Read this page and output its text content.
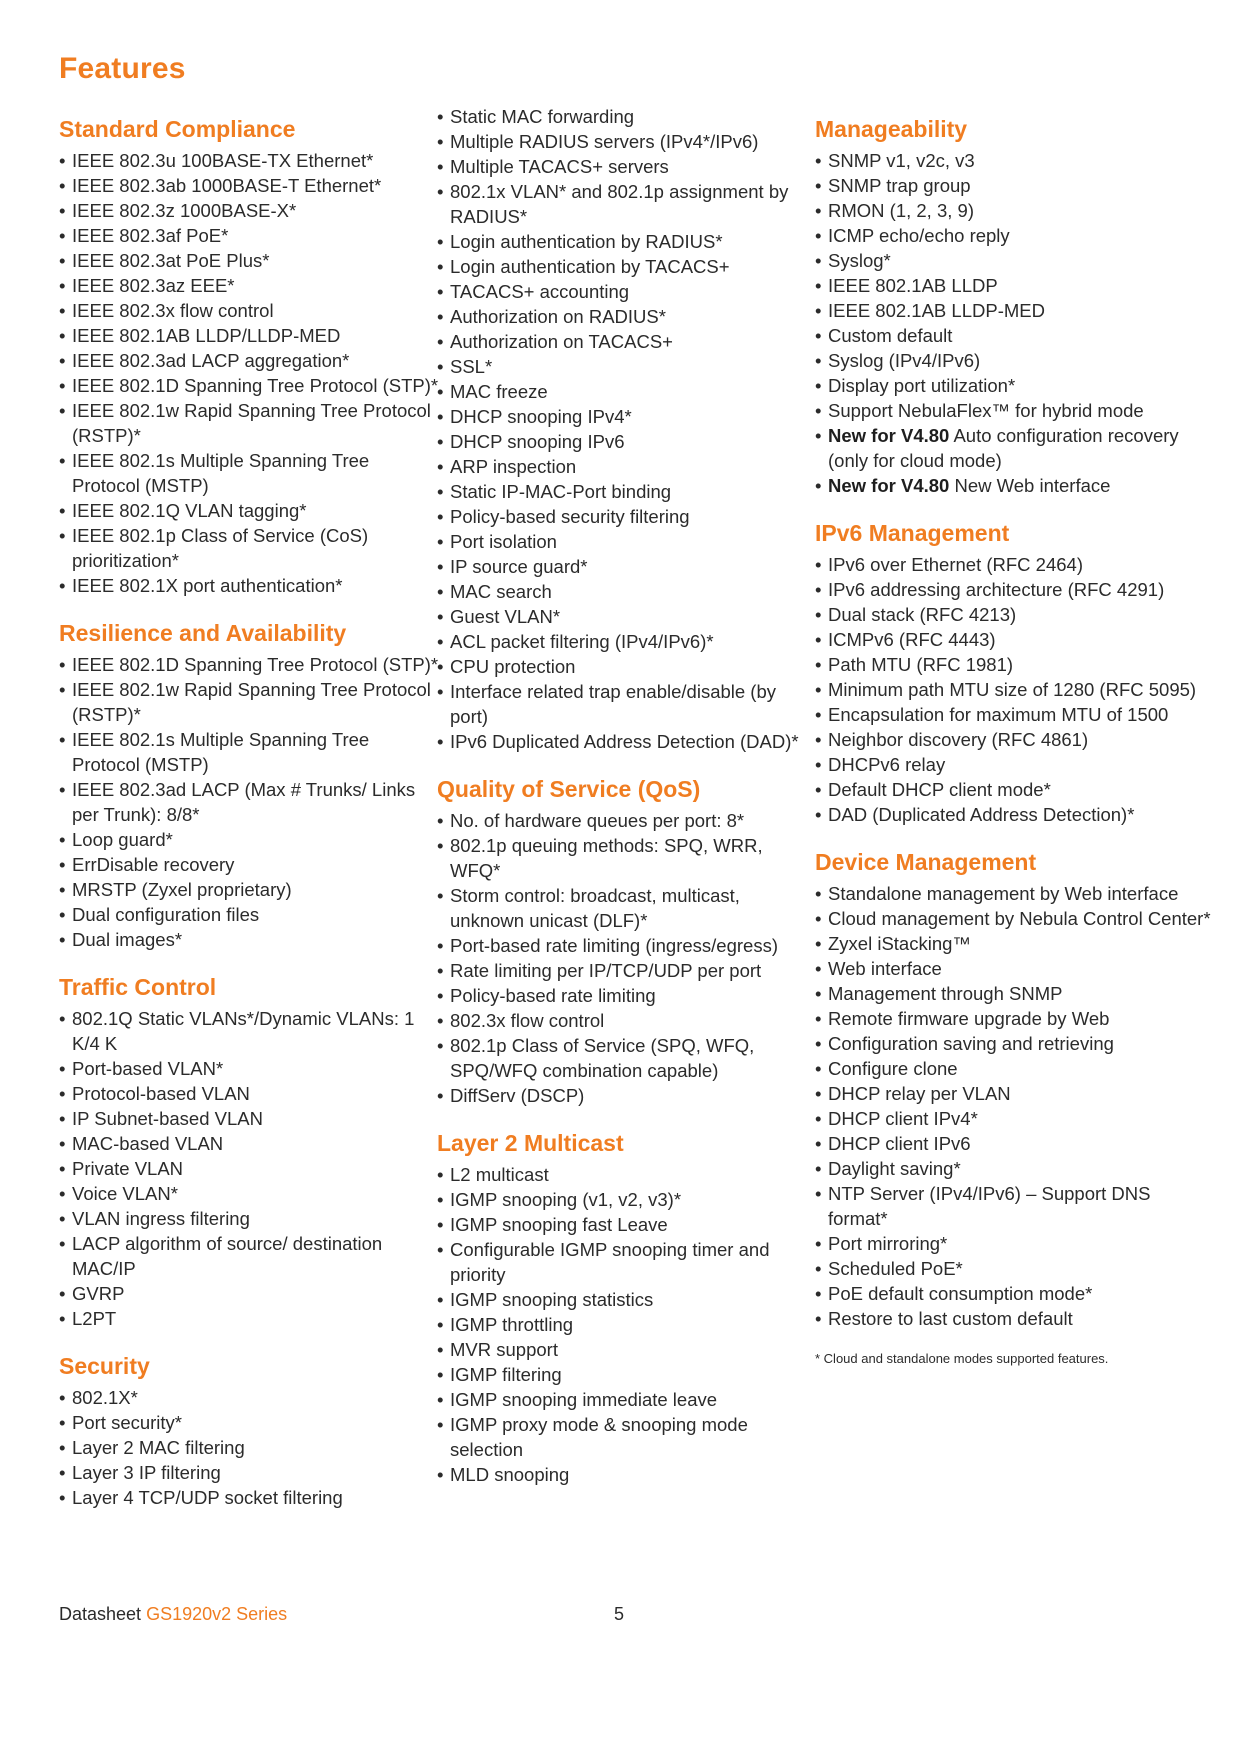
Features
Standard Compliance
• IEEE 802.3u 100BASE-TX Ethernet*
• IEEE 802.3ab 1000BASE-T Ethernet*
• IEEE 802.3z 1000BASE-X*
• IEEE 802.3af PoE*
• IEEE 802.3at PoE Plus*
• IEEE 802.3az EEE*
• IEEE 802.3x flow control
• IEEE 802.1AB LLDP/LLDP-MED
• IEEE 802.3ad LACP aggregation*
• IEEE 802.1D Spanning Tree Protocol (STP)*
• IEEE 802.1w Rapid Spanning Tree Protocol (RSTP)*
• IEEE 802.1s Multiple Spanning Tree Protocol (MSTP)
• IEEE 802.1Q VLAN tagging*
• IEEE 802.1p Class of Service (CoS) prioritization*
• IEEE 802.1X port authentication*
Resilience and Availability
• IEEE 802.1D Spanning Tree Protocol (STP)*
• IEEE 802.1w Rapid Spanning Tree Protocol (RSTP)*
• IEEE 802.1s Multiple Spanning Tree Protocol (MSTP)
• IEEE 802.3ad LACP (Max # Trunks/ Links per Trunk): 8/8*
• Loop guard*
• ErrDisable recovery
• MRSTP (Zyxel proprietary)
• Dual configuration files
• Dual images*
Traffic Control
• 802.1Q Static VLANs*/Dynamic VLANs: 1 K/4 K
• Port-based VLAN*
• Protocol-based VLAN
• IP Subnet-based VLAN
• MAC-based VLAN
• Private VLAN
• Voice VLAN*
• VLAN ingress filtering
• LACP algorithm of source/ destination MAC/IP
• GVRP
• L2PT
Security
• 802.1X*
• Port security*
• Layer 2 MAC filtering
• Layer 3 IP filtering
• Layer 4 TCP/UDP socket filtering
• Static MAC forwarding
• Multiple RADIUS servers (IPv4*/IPv6)
• Multiple TACACS+ servers
• 802.1x VLAN* and 802.1p assignment by RADIUS*
• Login authentication by RADIUS*
• Login authentication by TACACS+
• TACACS+ accounting
• Authorization on RADIUS*
• Authorization on TACACS+
• SSL*
• MAC freeze
• DHCP snooping IPv4*
• DHCP snooping IPv6
• ARP inspection
• Static IP-MAC-Port binding
• Policy-based security filtering
• Port isolation
• IP source guard*
• MAC search
• Guest VLAN*
• ACL packet filtering (IPv4/IPv6)*
• CPU protection
• Interface related trap enable/disable (by port)
• IPv6 Duplicated Address Detection (DAD)*
Quality of Service (QoS)
• No. of hardware queues per port: 8*
• 802.1p queuing methods: SPQ, WRR, WFQ*
• Storm control: broadcast, multicast, unknown unicast (DLF)*
• Port-based rate limiting (ingress/egress)
• Rate limiting per IP/TCP/UDP per port
• Policy-based rate limiting
• 802.3x flow control
• 802.1p Class of Service (SPQ, WFQ, SPQ/WFQ combination capable)
• DiffServ (DSCP)
Layer 2 Multicast
• L2 multicast
• IGMP snooping (v1, v2, v3)*
• IGMP snooping fast Leave
• Configurable IGMP snooping timer and priority
• IGMP snooping statistics
• IGMP throttling
• MVR support
• IGMP filtering
• IGMP snooping immediate leave
• IGMP proxy mode & snooping mode selection
• MLD snooping
Manageability
• SNMP v1, v2c, v3
• SNMP trap group
• RMON (1, 2, 3, 9)
• ICMP echo/echo reply
• Syslog*
• IEEE 802.1AB LLDP
• IEEE 802.1AB LLDP-MED
• Custom default
• Syslog (IPv4/IPv6)
• Display port utilization*
• Support NebulaFlex™ for hybrid mode
• New for V4.80 Auto configuration recovery (only for cloud mode)
• New for V4.80 New Web interface
IPv6 Management
• IPv6 over Ethernet (RFC 2464)
• IPv6 addressing architecture (RFC 4291)
• Dual stack (RFC 4213)
• ICMPv6 (RFC 4443)
• Path MTU (RFC 1981)
• Minimum path MTU size of 1280 (RFC 5095)
• Encapsulation for maximum MTU of 1500
• Neighbor discovery (RFC 4861)
• DHCPv6 relay
• Default DHCP client mode*
• DAD (Duplicated Address Detection)*
Device Management
• Standalone management by Web interface
• Cloud management by Nebula Control Center*
• Zyxel iStacking™
• Web interface
• Management through SNMP
• Remote firmware upgrade by Web
• Configuration saving and retrieving
• Configure clone
• DHCP relay per VLAN
• DHCP client IPv4*
• DHCP client IPv6
• Daylight saving*
• NTP Server (IPv4/IPv6) – Support DNS format*
• Port mirroring*
• Scheduled PoE*
• PoE default consumption mode*
• Restore to last custom default
* Cloud and standalone modes supported features.
Datasheet GS1920v2 Series	5
